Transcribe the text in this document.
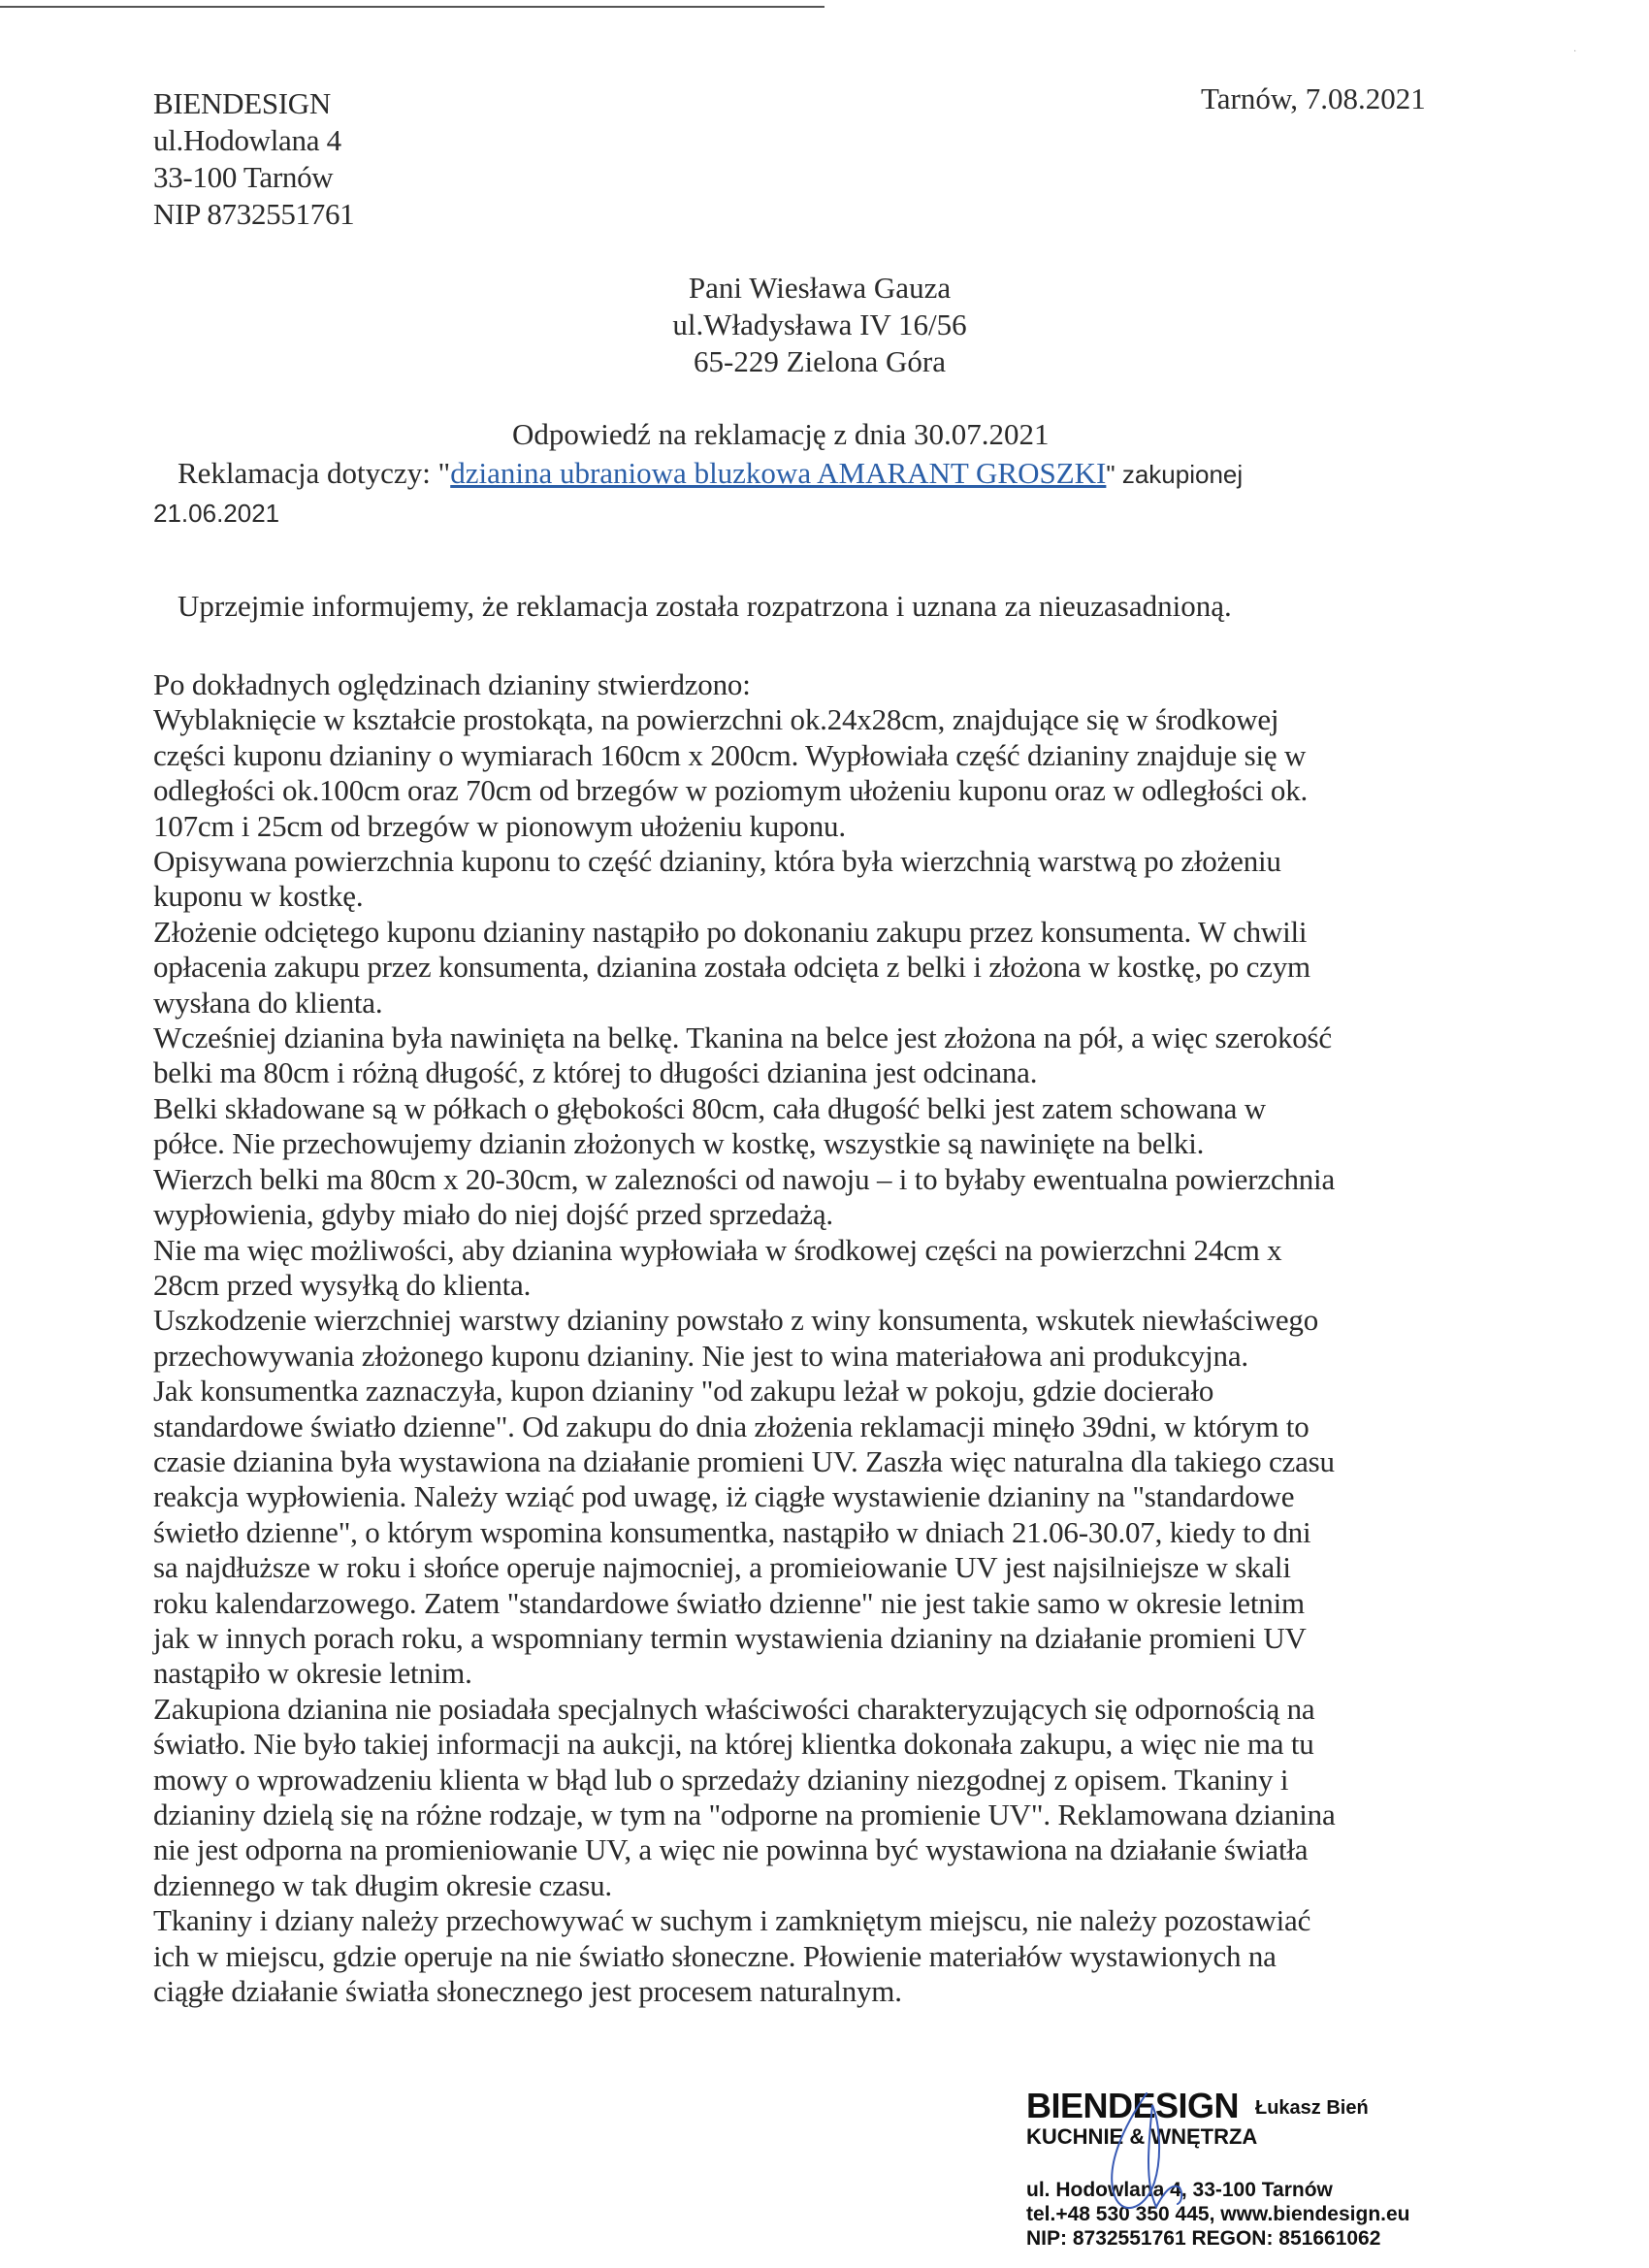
·
BIENDESIGN
ul.Hodowlana 4
33-100 Tarnów
NIP 8732551761
Tarnów, 7.08.2021
Pani Wiesława Gauza
ul.Władysława IV 16/56
65-229 Zielona Góra
Odpowiedź na reklamację z dnia 30.07.2021
Reklamacja dotyczy: "dzianina ubraniowa bluzkowa AMARANT GROSZKI" zakupionej
21.06.2021
Uprzejmie informujemy, że reklamacja została rozpatrzona i uznana za nieuzasadnioną.
Po dokładnych oględzinach dzianiny stwierdzono:
Wyblaknięcie w kształcie prostokąta, na powierzchni ok.24x28cm, znajdujące się w środkowej
części kuponu dzianiny o wymiarach 160cm x 200cm. Wypłowiała część dzianiny znajduje się w
odległości ok.100cm oraz 70cm od brzegów w poziomym ułożeniu kuponu oraz w odległości ok.
107cm i 25cm od brzegów w pionowym ułożeniu kuponu.
Opisywana powierzchnia kuponu to część dzianiny, która była wierzchnią warstwą po złożeniu
kuponu w kostkę.
Złożenie odciętego kuponu dzianiny nastąpiło po dokonaniu zakupu przez konsumenta. W chwili
opłacenia zakupu przez konsumenta, dzianina została odcięta z belki i złożona w kostkę, po czym
wysłana do klienta.
Wcześniej dzianina była nawinięta na belkę. Tkanina na belce jest złożona na pół, a więc szerokość
belki ma 80cm i różną długość, z której to długości dzianina jest odcinana.
Belki składowane są w półkach o głębokości 80cm, cała długość belki jest zatem schowana w
półce. Nie przechowujemy dzianin złożonych w kostkę, wszystkie są nawinięte na belki.
Wierzch belki ma 80cm x 20-30cm, w zalezności od nawoju – i to byłaby ewentualna powierzchnia
wypłowienia, gdyby miało do niej dojść przed sprzedażą.
Nie ma więc możliwości, aby dzianina wypłowiała w środkowej części na powierzchni 24cm x
28cm przed wysyłką do klienta.
Uszkodzenie wierzchniej warstwy dzianiny powstało z winy konsumenta, wskutek niewłaściwego
przechowywania złożonego kuponu dzianiny. Nie jest to wina materiałowa ani produkcyjna.
Jak konsumentka zaznaczyła, kupon dzianiny "od zakupu leżał w pokoju, gdzie docierało
standardowe światło dzienne". Od zakupu do dnia złożenia reklamacji minęło 39dni, w którym to
czasie dzianina była wystawiona na działanie promieni UV. Zaszła więc naturalna dla takiego czasu
reakcja wypłowienia. Należy wziąć pod uwagę, iż ciągłe wystawienie dzianiny na "standardowe
świetło dzienne", o którym wspomina konsumentka, nastąpiło w dniach 21.06-30.07, kiedy to dni
sa najdłuższe w roku i słońce operuje najmocniej, a promieiowanie UV jest najsilniejsze w skali
roku kalendarzowego. Zatem "standardowe światło dzienne" nie jest takie samo w okresie letnim
jak w innych porach roku, a wspomniany termin wystawienia dzianiny na działanie promieni UV
nastąpiło w okresie letnim.
Zakupiona dzianina nie posiadała specjalnych właściwości charakteryzujących się odpornością na
światło. Nie było takiej informacji na aukcji, na której klientka dokonała zakupu, a więc nie ma tu
mowy o wprowadzeniu klienta w błąd lub o sprzedaży dzianiny niezgodnej z opisem. Tkaniny i
dzianiny dzielą się na różne rodzaje, w tym na "odporne na promienie UV". Reklamowana dzianina
nie jest odporna na promieniowanie UV, a więc nie powinna być wystawiona na działanie światła
dziennego w tak długim okresie czasu.
Tkaniny i dziany należy przechowywać w suchym i zamkniętym miejscu, nie należy pozostawiać
ich w miejscu, gdzie operuje na nie światło słoneczne. Płowienie materiałów wystawionych na
ciągłe działanie światła słonecznego jest procesem naturalnym.
BIENDESIGN Łukasz Bień
KUCHNIE & WNĘTRZA
ul. Hodowlana 4, 33-100 Tarnów
tel.+48 530 350 445, www.biendesign.eu
NIP: 8732551761 REGON: 851661062
